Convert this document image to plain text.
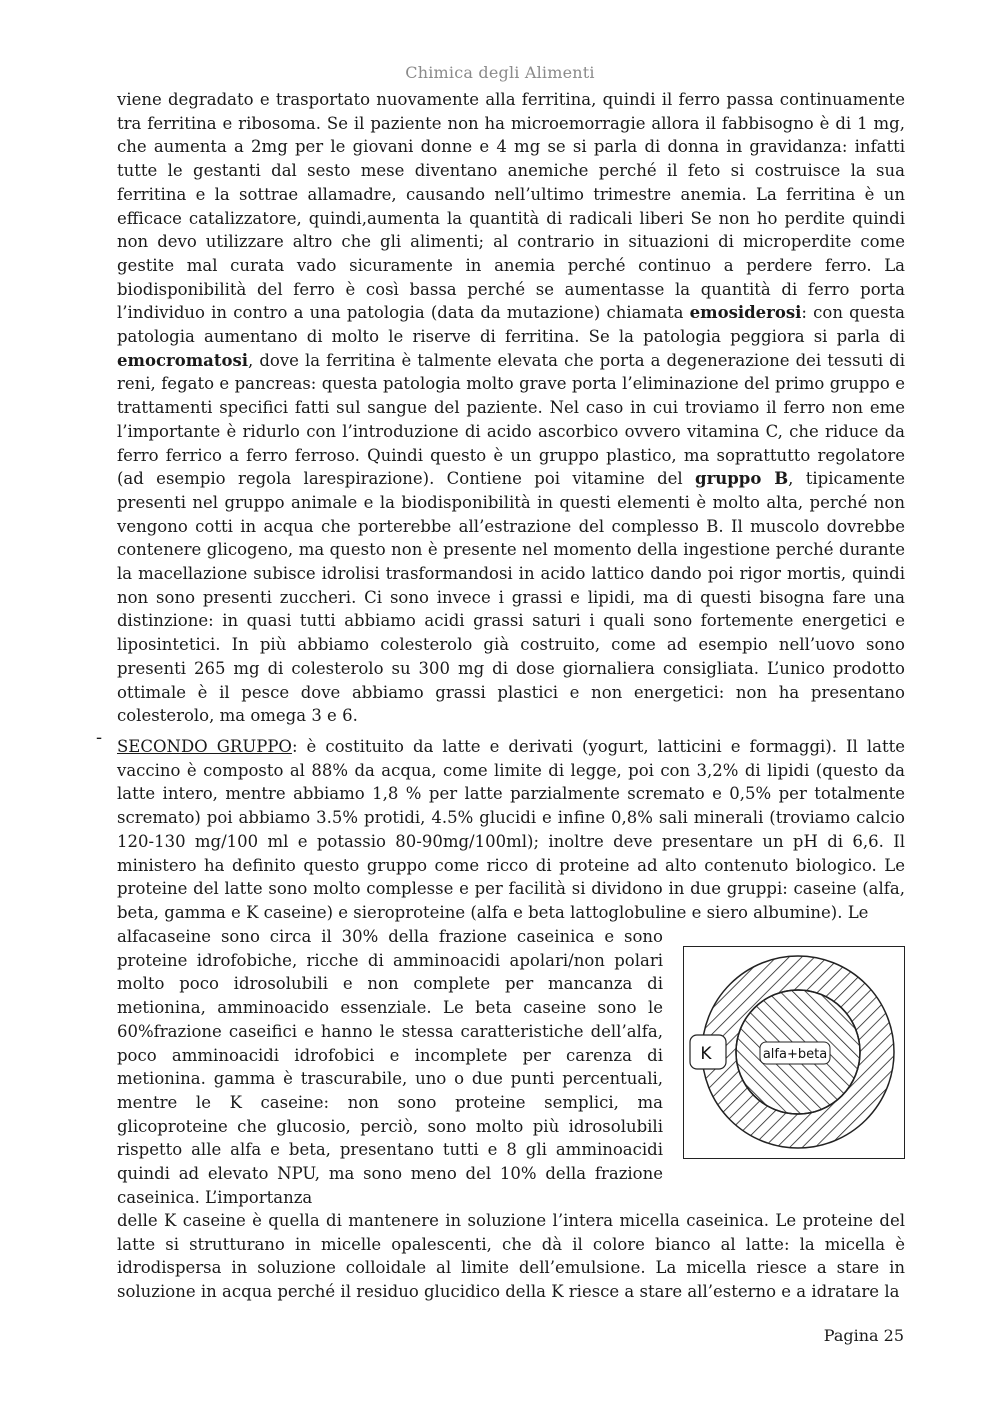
Chimica degli Alimenti

viene degradato e trasportato nuovamente alla ferritina, quindi il ferro passa continuamente tra ferritina e ribosoma. Se il paziente non ha microemorragie allora il fabbisogno è di 1 mg, che aumenta a 2mg per le giovani donne e 4 mg se si parla di donna in gravidanza: infatti tutte le gestanti dal sesto mese diventano anemiche perché il feto si costruisce la sua ferritina e la sottrae allamadre, causando nell’ultimo trimestre anemia. La ferritina è un efficace catalizzatore, quindi,aumenta la quantità di radicali liberi Se non ho perdite quindi non devo utilizzare altro che gli alimenti; al contrario in situazioni di microperdite come gestite mal curata vado sicuramente in anemia perché continuo a perdere ferro. La biodisponibilità del ferro è così bassa perché se aumentasse la quantità di ferro porta l’individuo in contro a una patologia (data da mutazione) chiamata emosiderosi: con questa patologia aumentano di molto le riserve di ferritina. Se la patologia peggiora si parla di emocromatosi, dove la ferritina è talmente elevata che porta a degenerazione dei tessuti di reni, fegato e pancreas: questa patologia molto grave porta l’eliminazione del primo gruppo e trattamenti specifici fatti sul sangue del paziente. Nel caso in cui troviamo il ferro non eme l’importante è ridurlo con l’introduzione di acido ascorbico ovvero vitamina C, che riduce da ferro ferrico a ferro ferroso. Quindi questo è un gruppo plastico, ma soprattutto regolatore (ad esempio regola larespirazione). Contiene poi vitamine del gruppo B, tipicamente presenti nel gruppo animale e la biodisponibilità in questi elementi è molto alta, perché non vengono cotti in acqua che porterebbe all’estrazione del complesso B. Il muscolo dovrebbe contenere glicogeno, ma questo non è presente nel momento della ingestione perché durante la macellazione subisce idrolisi trasformandosi in acido lattico dando poi rigor mortis, quindi non sono presenti zuccheri. Ci sono invece i grassi e lipidi, ma di questi bisogna fare una distinzione: in quasi tutti abbiamo acidi grassi saturi i quali sono fortemente energetici e liposintetici. In più abbiamo colesterolo già costruito, come ad esempio nell’uovo sono presenti 265 mg di colesterolo su 300 mg di dose giornaliera consigliata. L’unico prodotto ottimale è il pesce dove abbiamo grassi plastici e non energetici: non ha presentano colesterolo, ma omega 3 e 6.

- SECONDO GRUPPO: è costituito da latte e derivati (yogurt, latticini e formaggi). Il latte vaccino è composto al 88% da acqua, come limite di legge, poi con 3,2% di lipidi (questo da latte intero, mentre abbiamo 1,8 % per latte parzialmente scremato e 0,5% per totalmente scremato) poi abbiamo 3.5% protidi, 4.5% glucidi e infine 0,8% sali minerali (troviamo calcio 120-130 mg/100 ml e potassio 80-90mg/100ml); inoltre deve presentare un pH di 6,6. Il ministero ha definito questo gruppo come ricco di proteine ad alto contenuto biologico. Le proteine del latte sono molto complesse e per facilità si dividono in due gruppi: caseine (alfa, beta, gamma e K caseine) e sieroproteine (alfa e beta lattoglobuline e siero albumine). Le

alfacaseine sono circa il 30% della frazione caseinica e sono proteine idrofobiche, ricche di amminoacidi apolari/non polari molto poco idrosolubili e non complete per mancanza di metionina, amminoacido essenziale. Le beta caseine sono le 60%frazione caseifici e hanno le stessa caratteristiche dell’alfa, poco amminoacidi idrofobici e incomplete per carenza di metionina. gamma è trascurabile, uno o due punti percentuali, mentre le K caseine: non sono proteine semplici, ma glicoproteine che glucosio, perciò, sono molto più idrosolubili rispetto alle alfa e beta, presentano tutti e 8 gli amminoacidi quindi ad elevato NPU, ma sono meno del 10% della frazione caseinica. L’importanza

alfa+beta
K

delle K caseine è quella di mantenere in soluzione l’intera micella caseinica. Le proteine del latte si strutturano in micelle opalescenti, che dà il colore bianco al latte: la micella è idrodispersa in soluzione colloidale al limite dell’emulsione. La micella riesce a stare in soluzione in acqua perché il residuo glucidico della K riesce a stare all’esterno e a idratare la

Pagina 25
